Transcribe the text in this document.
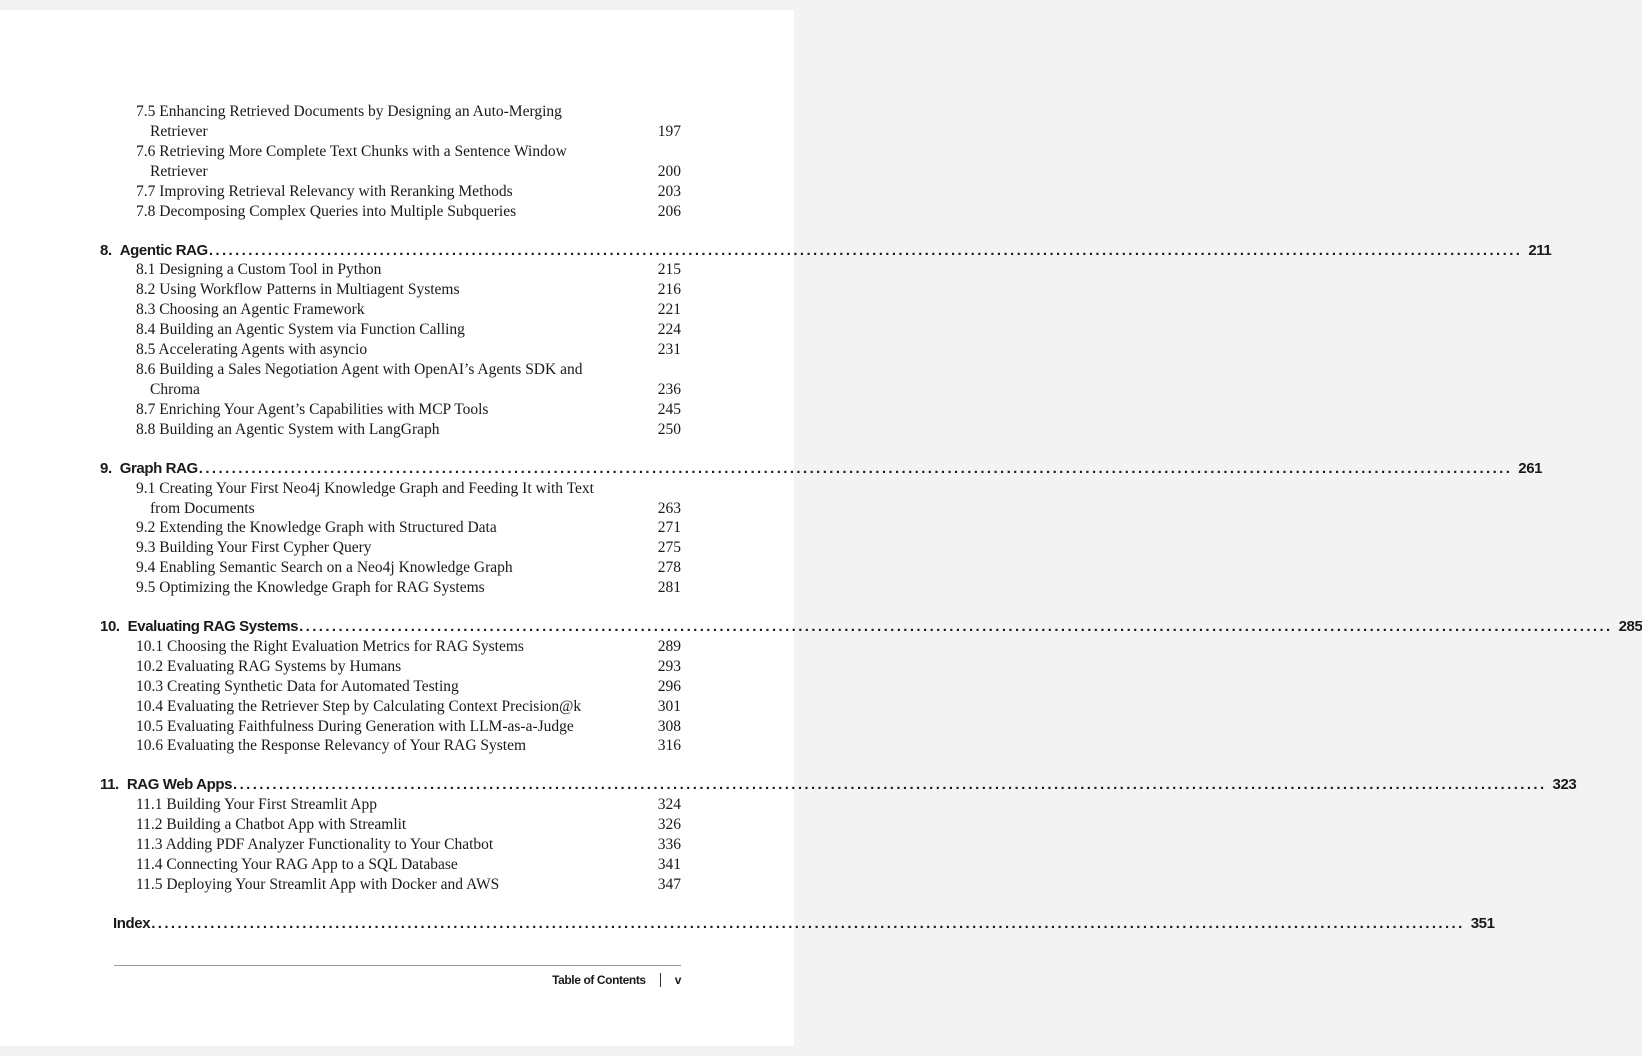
7.5 Enhancing Retrieved Documents by Designing an Auto-Merging
Retriever	197
7.6 Retrieving More Complete Text Chunks with a Sentence Window
Retriever	200
7.7 Improving Retrieval Relevancy with Reranking Methods	203
7.8 Decomposing Complex Queries into Multiple Subqueries	206
8. Agentic RAG ........................................................................................................................................................................................................ 211
8.1 Designing a Custom Tool in Python	215
8.2 Using Workflow Patterns in Multiagent Systems	216
8.3 Choosing an Agentic Framework	221
8.4 Building an Agentic System via Function Calling	224
8.5 Accelerating Agents with asyncio	231
8.6 Building a Sales Negotiation Agent with OpenAI’s Agents SDK and
Chroma	236
8.7 Enriching Your Agent’s Capabilities with MCP Tools	245
8.8 Building an Agentic System with LangGraph	250
9. Graph RAG ........................................................................................................................................................................................................ 261
9.1 Creating Your First Neo4j Knowledge Graph and Feeding It with Text
from Documents	263
9.2 Extending the Knowledge Graph with Structured Data	271
9.3 Building Your First Cypher Query	275
9.4 Enabling Semantic Search on a Neo4j Knowledge Graph	278
9.5 Optimizing the Knowledge Graph for RAG Systems	281
10. Evaluating RAG Systems ........................................................................................................................................................................................................ 285
10.1 Choosing the Right Evaluation Metrics for RAG Systems	289
10.2 Evaluating RAG Systems by Humans	293
10.3 Creating Synthetic Data for Automated Testing	296
10.4 Evaluating the Retriever Step by Calculating Context Precision@k	301
10.5 Evaluating Faithfulness During Generation with LLM-as-a-Judge	308
10.6 Evaluating the Response Relevancy of Your RAG System	316
11. RAG Web Apps ........................................................................................................................................................................................................ 323
11.1 Building Your First Streamlit App	324
11.2 Building a Chatbot App with Streamlit	326
11.3 Adding PDF Analyzer Functionality to Your Chatbot	336
11.4 Connecting Your RAG App to a SQL Database	341
11.5 Deploying Your Streamlit App with Docker and AWS	347
Index ........................................................................................................................................................................................................ 351
Table of Contents v
